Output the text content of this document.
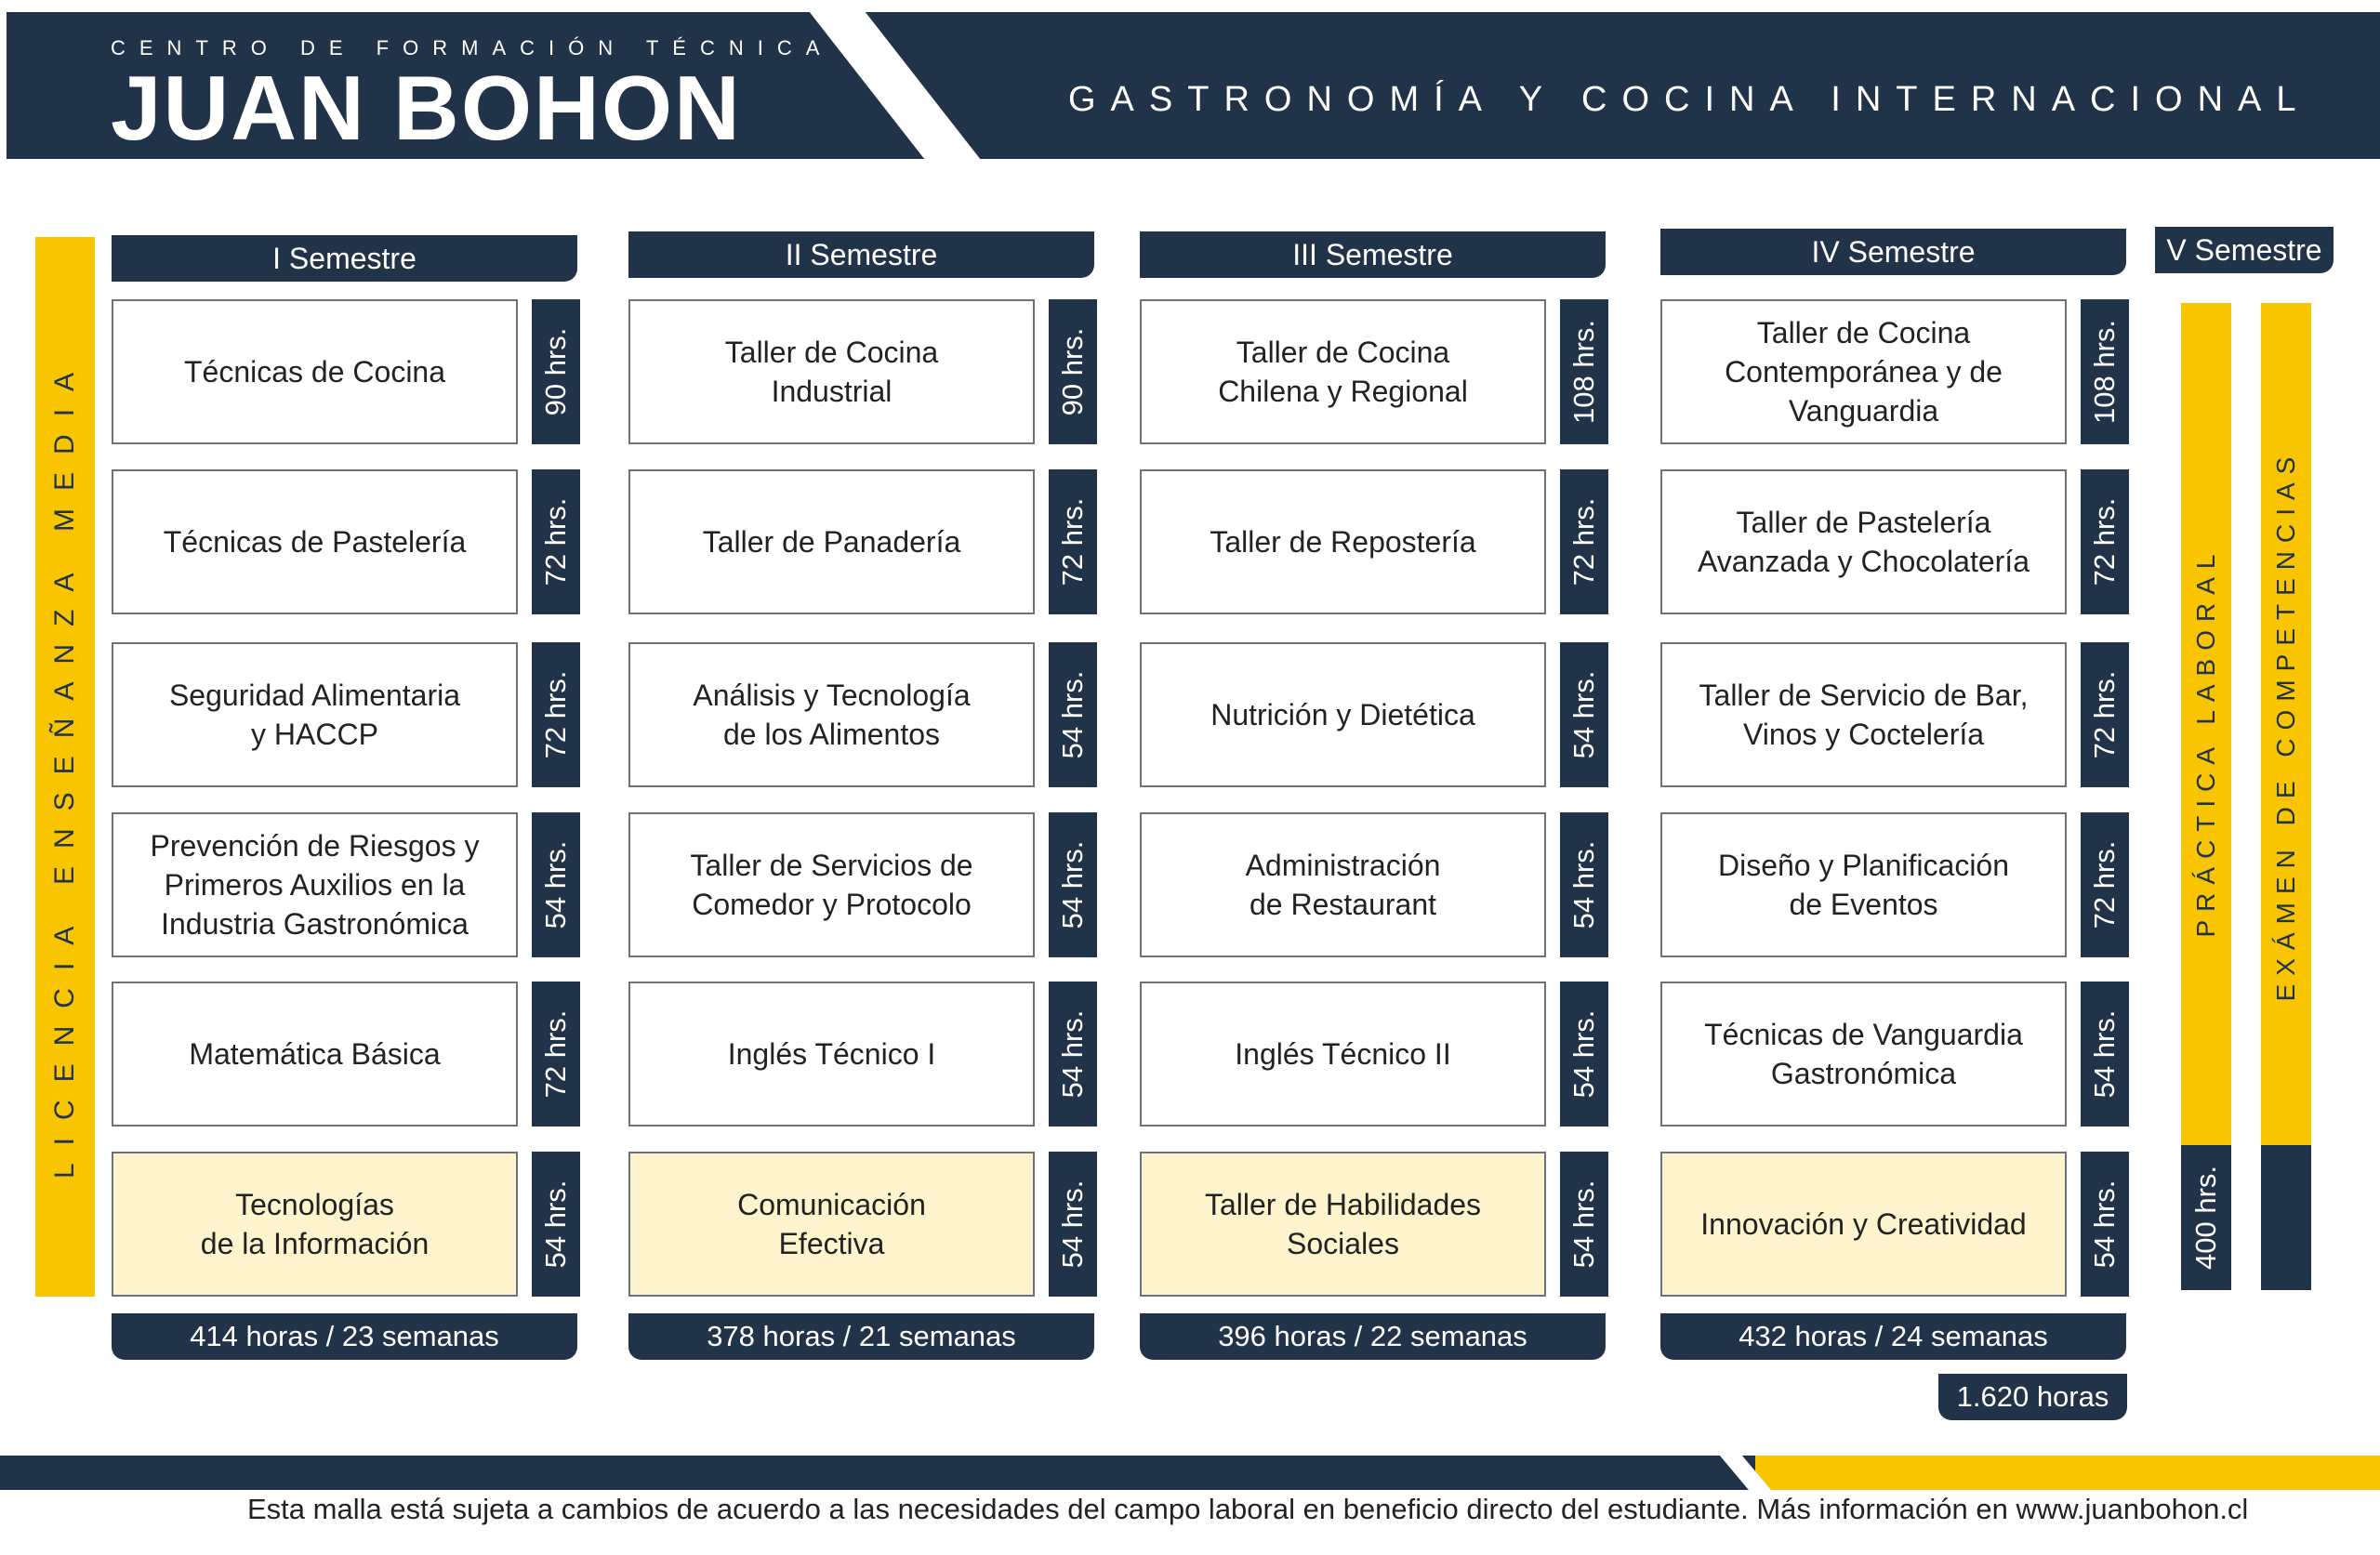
CENTRO DE FORMACIÓN TÉCNICA
JUAN BOHON	GASTRONOMÍA Y COCINA INTERNACIONAL
LICENCIA ENSEÑANZA MEDIA
I Semestre
Técnicas de Cocina	90 hrs.
Técnicas de Pastelería	72 hrs.
Seguridad Alimentaria
y HACCP	72 hrs.
Prevención de Riesgos y
Primeros Auxilios en la
Industria Gastronómica	54 hrs.
Matemática Básica	72 hrs.
Tecnologías
de la Información	54 hrs.
414 horas / 23 semanas
II Semestre
Taller de Cocina
Industrial	90 hrs.
Taller de Panadería	72 hrs.
Análisis y Tecnología
de los Alimentos	54 hrs.
Taller de Servicios de
Comedor y Protocolo	54 hrs.
Inglés Técnico I	54 hrs.
Comunicación
Efectiva	54 hrs.
378 horas / 21 semanas
III Semestre
Taller de Cocina
Chilena y Regional	108 hrs.
Taller de Repostería	72 hrs.
Nutrición y Dietética	54 hrs.
Administración
de Restaurant	54 hrs.
Inglés Técnico II	54 hrs.
Taller de Habilidades
Sociales	54 hrs.
396 horas / 22 semanas
IV Semestre
Taller de Cocina
Contemporánea y de
Vanguardia	108 hrs.
Taller de Pastelería
Avanzada y Chocolatería	72 hrs.
Taller de Servicio de Bar,
Vinos y Coctelería	72 hrs.
Diseño y Planificación
de Eventos	72 hrs.
Técnicas de Vanguardia
Gastronómica	54 hrs.
Innovación y Creatividad	54 hrs.
432 horas / 24 semanas
V Semestre
PRÁCTICA LABORAL
400 hrs.
EXÁMEN DE COMPETENCIAS
1.620 horas
Esta malla está sujeta a cambios de acuerdo a las necesidades del campo laboral en beneficio directo del estudiante. Más información en www.juanbohon.cl
